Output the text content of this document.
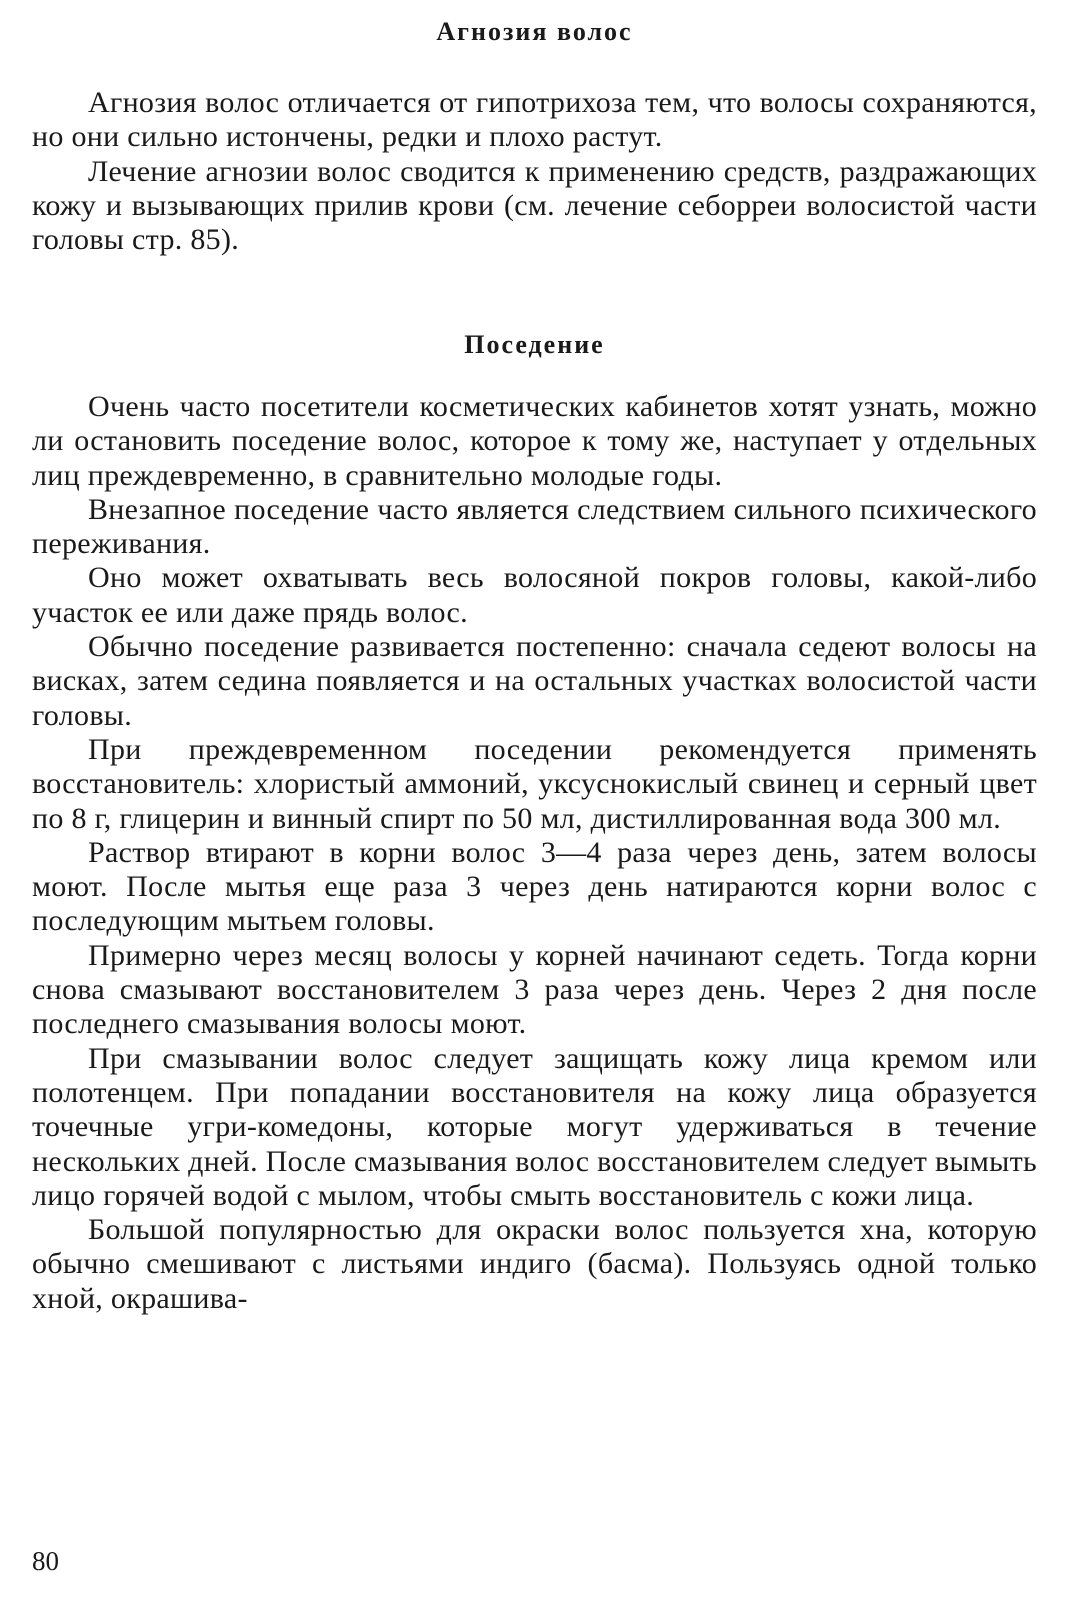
Агнозия волос

Агнозия волос отличается от гипотрихоза тем, что волосы сохраняются, но они сильно истончены, редки и плохо растут.

Лечение агнозии волос сводится к применению средств, раздражающих кожу и вызывающих прилив крови (см. лечение себорреи волосистой части головы стр. 85).

Поседение

Очень часто посетители косметических кабинетов хотят узнать, можно ли остановить поседение волос, которое к тому же, наступает у отдельных лиц преждевременно, в сравнительно молодые годы.

Внезапное поседение часто является следствием сильного психического переживания.

Оно может охватывать весь волосяной покров головы, какой-либо участок ее или даже прядь волос.

Обычно поседение развивается постепенно: сначала седеют волосы на висках, затем седина появляется и на остальных участках волосистой части головы.

При преждевременном поседении рекомендуется применять восстановитель: хлористый аммоний, уксуснокислый свинец и серный цвет по 8 г, глицерин и винный спирт по 50 мл, дистиллированная вода 300 мл.

Раствор втирают в корни волос 3—4 раза через день, затем волосы моют. После мытья еще раза 3 через день натираются корни волос с последующим мытьем головы.

Примерно через месяц волосы у корней начинают седеть. Тогда корни снова смазывают восстановителем 3 раза через день. Через 2 дня после последнего смазывания волосы моют.

При смазывании волос следует защищать кожу лица кремом или полотенцем. При попадании восстановителя на кожу лица образуется точечные угри-комедоны, которые могут удерживаться в течение нескольких дней. После смазывания волос восстановителем следует вымыть лицо горячей водой с мылом, чтобы смыть восстановитель с кожи лица.

Большой популярностью для окраски волос пользуется хна, которую обычно смешивают с листьями индиго (басма). Пользуясь одной только хной, окрашива-

80
